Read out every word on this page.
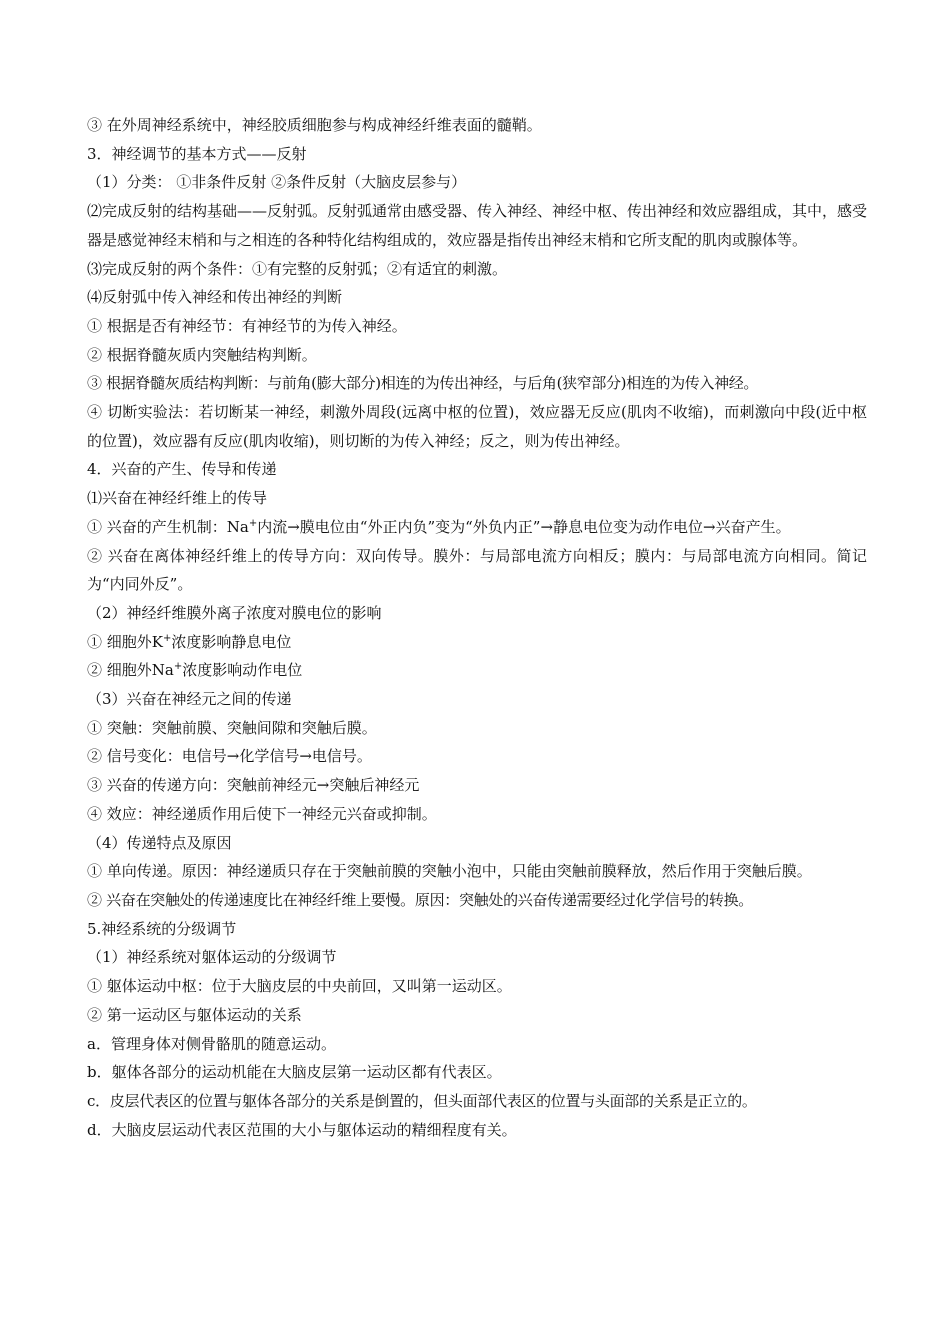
③ 在外周神经系统中，神经胶质细胞参与构成神经纤维表面的髓鞘。

3．神经调节的基本方式——反射

（1）分类： ①非条件反射 ②条件反射（大脑皮层参与）

⑵完成反射的结构基础——反射弧。反射弧通常由感受器、传入神经、神经中枢、传出神经和效应器组成，其中，感受器是感觉神经末梢和与之相连的各种特化结构组成的，效应器是指传出神经末梢和它所支配的肌肉或腺体等。

⑶完成反射的两个条件：①有完整的反射弧；②有适宜的刺激。

⑷反射弧中传入神经和传出神经的判断

① 根据是否有神经节：有神经节的为传入神经。

② 根据脊髓灰质内突触结构判断。

③ 根据脊髓灰质结构判断：与前角(膨大部分)相连的为传出神经，与后角(狭窄部分)相连的为传入神经。

④ 切断实验法：若切断某一神经，刺激外周段(远离中枢的位置)，效应器无反应(肌肉不收缩)，而刺激向中段(近中枢的位置)，效应器有反应(肌肉收缩)，则切断的为传入神经；反之，则为传出神经。

4．兴奋的产生、传导和传递

⑴兴奋在神经纤维上的传导

① 兴奋的产生机制：Na+内流→膜电位由“外正内负”变为“外负内正”→静息电位变为动作电位→兴奋产生。

② 兴奋在离体神经纤维上的传导方向：双向传导。膜外：与局部电流方向相反；膜内：与局部电流方向相同。简记为“内同外反”。

（2）神经纤维膜外离子浓度对膜电位的影响

① 细胞外K+浓度影响静息电位

② 细胞外Na+浓度影响动作电位

（3）兴奋在神经元之间的传递

① 突触：突触前膜、突触间隙和突触后膜。

② 信号变化：电信号→化学信号→电信号。

③ 兴奋的传递方向：突触前神经元→突触后神经元

④ 效应：神经递质作用后使下一神经元兴奋或抑制。

（4）传递特点及原因

① 单向传递。原因：神经递质只存在于突触前膜的突触小泡中，只能由突触前膜释放，然后作用于突触后膜。

② 兴奋在突触处的传递速度比在神经纤维上要慢。原因：突触处的兴奋传递需要经过化学信号的转换。

5.神经系统的分级调节

（1）神经系统对躯体运动的分级调节

① 躯体运动中枢：位于大脑皮层的中央前回，又叫第一运动区。

② 第一运动区与躯体运动的关系

a．管理身体对侧骨骼肌的随意运动。

b．躯体各部分的运动机能在大脑皮层第一运动区都有代表区。

c．皮层代表区的位置与躯体各部分的关系是倒置的，但头面部代表区的位置与头面部的关系是正立的。

d．大脑皮层运动代表区范围的大小与躯体运动的精细程度有关。
